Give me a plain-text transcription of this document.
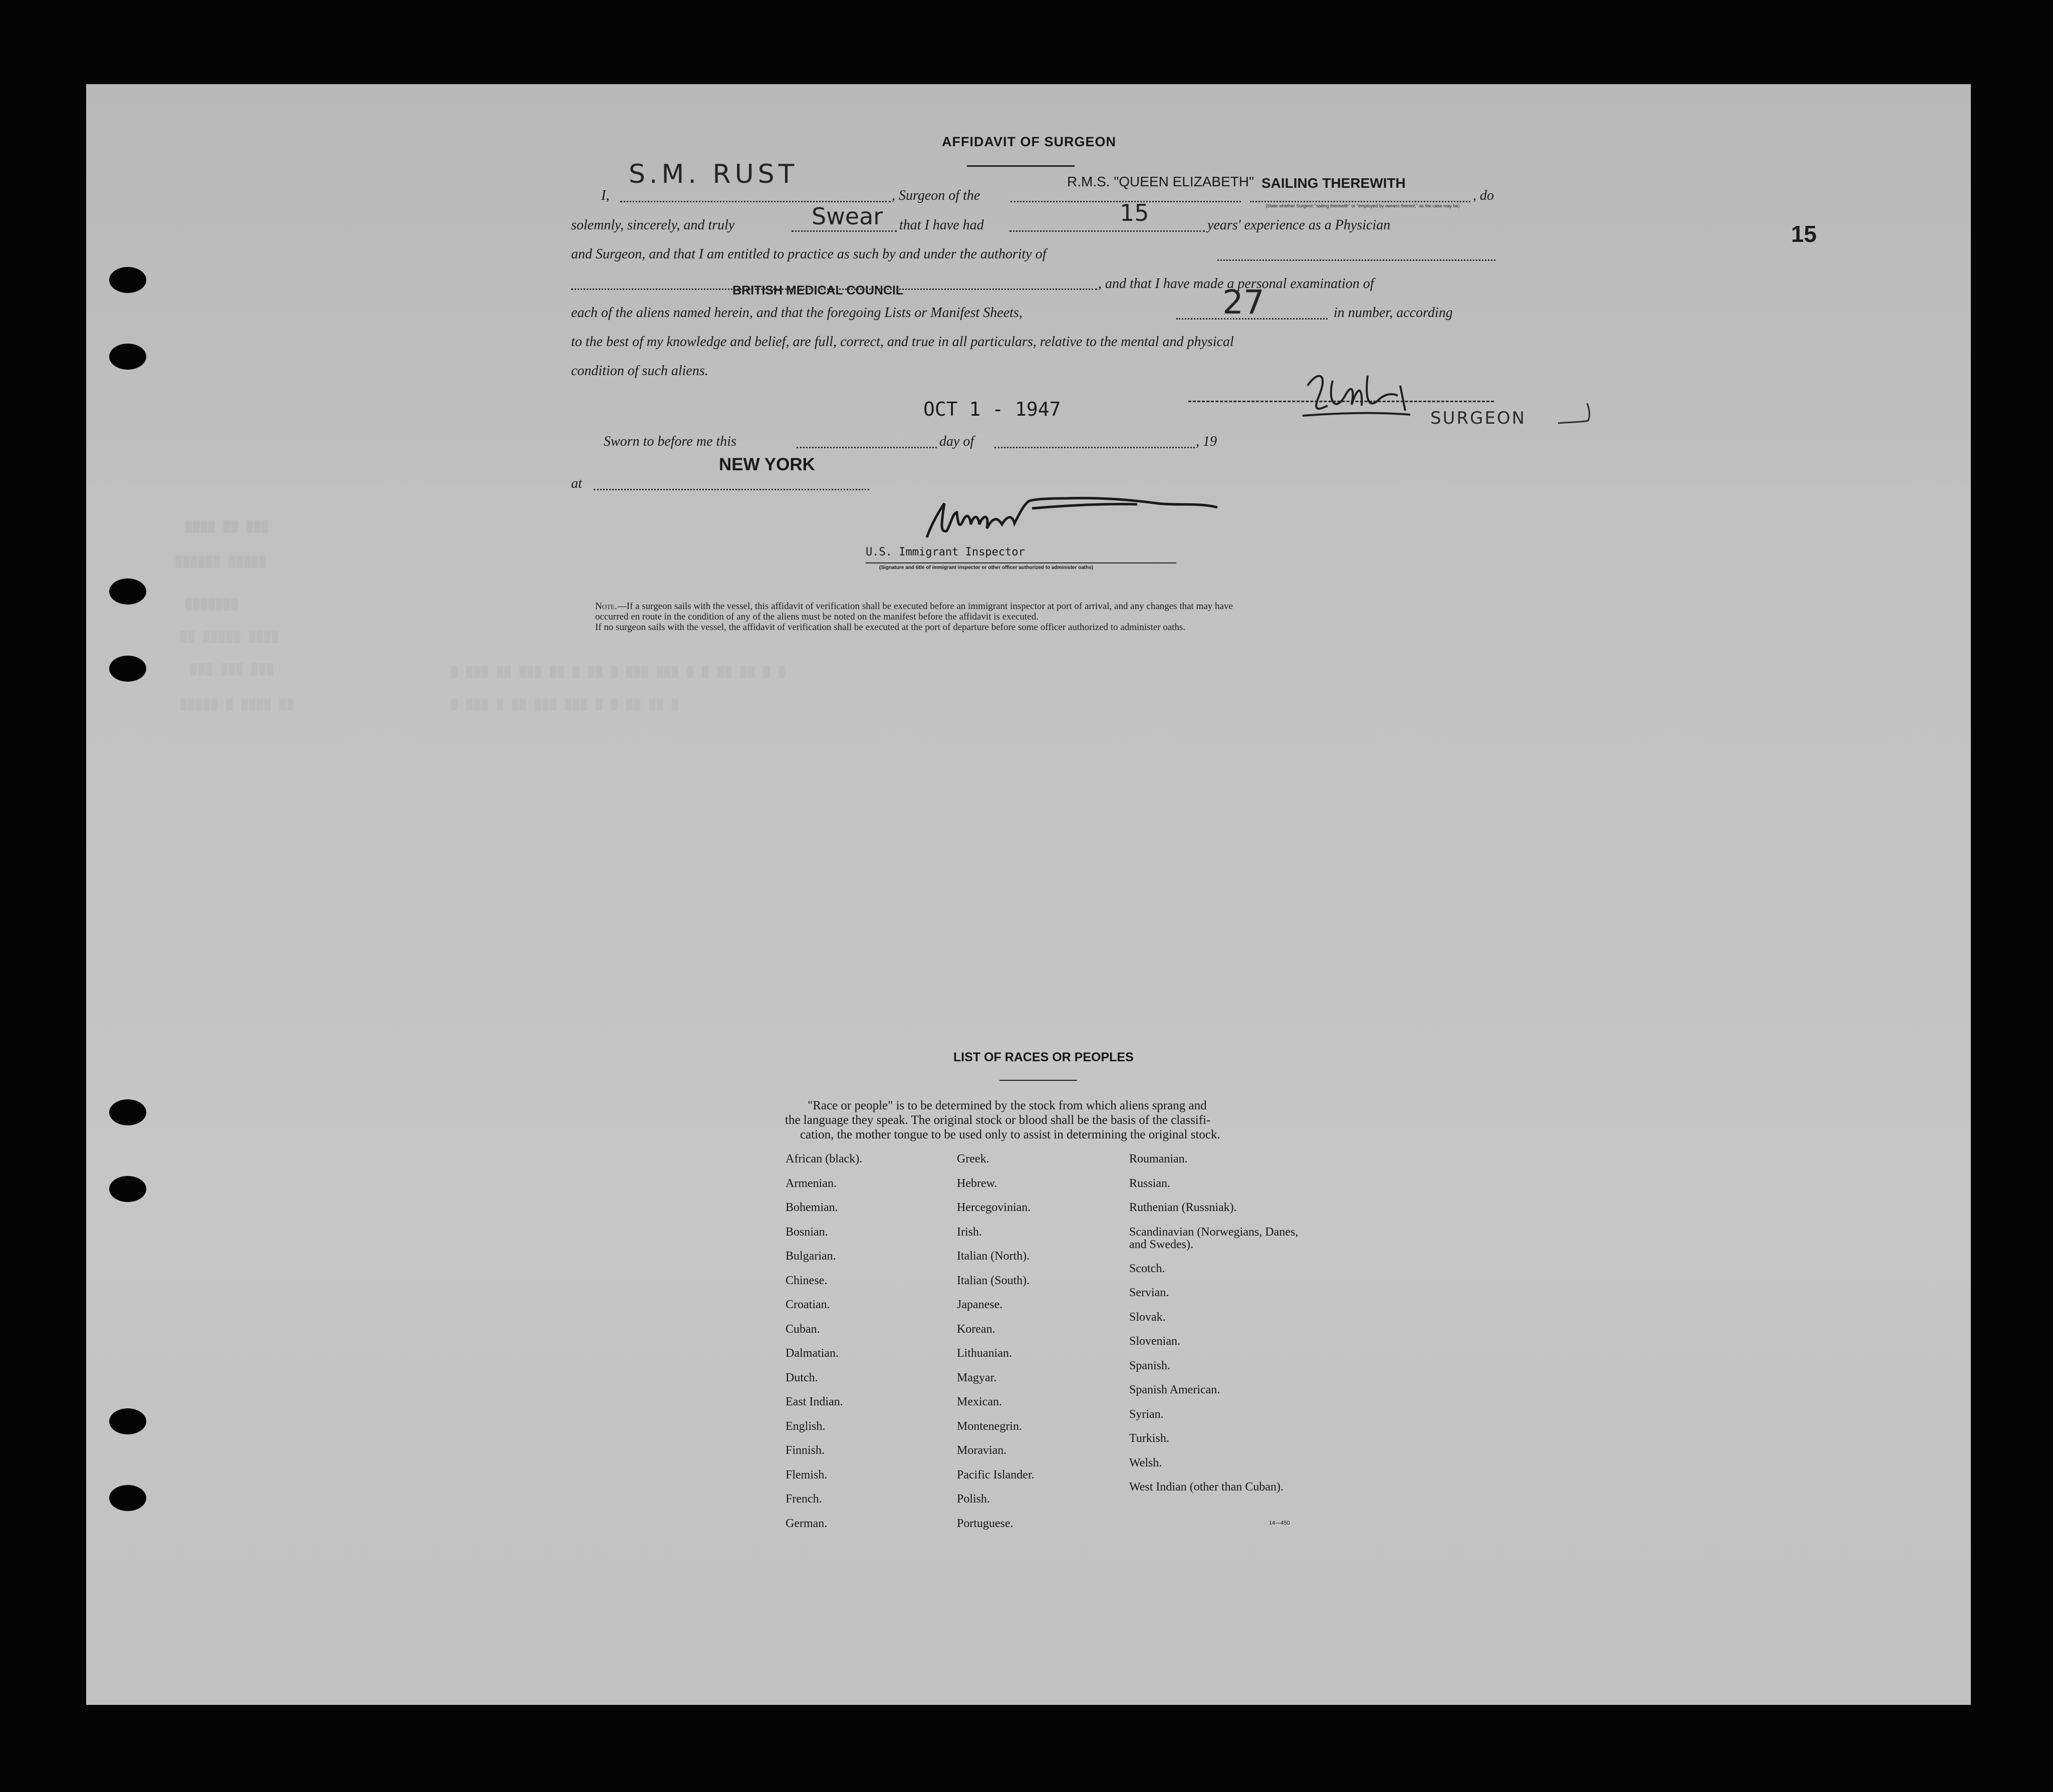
15
▒▒▒▒ ▒▒ ▒▒▒
▒▒▒▒▒▒ ▒▒▒▒▒
▒▒▒▒▒▒▒
▒▒ ▒▒▒▒▒ ▒▒▒▒
▒▒▒ ▒▒▒ ▒▒▒
▒▒▒▒▒ ▒ ▒▒▒▒ ▒▒
▒ ▒▒▒ ▒▒ ▒▒▒ ▒▒ ▒ ▒▒ ▒ ▒▒▒ ▒▒▒ ▒ ▒ ▒▒ ▒▒ ▒ ▒
▒ ▒▒▒ ▒ ▒▒ ▒▒▒ ▒▒▒ ▒ ▒ ▒▒ ▒▒ ▒
AFFIDAVIT OF SURGEON
I,
S.M. RUST
, Surgeon of the
R.M.S. "QUEEN ELIZABETH" SAILING THEREWITH
, do
(State whether Surgeon "sailing therewith" or "employed by owners thereof," as the case may be)
solemnly, sincerely, and truly	Swear that I have had	15	years' experience as a Physician
and Surgeon, and that I am entitled to practice as such by and under the authority of
BRITISH MEDICAL COUNCIL	, and that I have made a personal examination of
each of the aliens named herein, and that the foregoing Lists or Manifest Sheets,	27	in number, according
to the best of my knowledge and belief, are full, correct, and true in all particulars, relative to the mental and physical
condition of such aliens.
OCT 1 - 1947	SURGEON
Sworn to before me this	day of	, 19
NEW YORK
at
U.S. Immigrant Inspector
(Signature and title of immigrant inspector or other officer authorized to administer oaths)
Note.—If a surgeon sails with the vessel, this affidavit of verification shall be executed before an immigrant inspector at port of arrival, and any changes that may have
occurred en route in the condition of any of the aliens must be noted on the manifest before the affidavit is executed.
If no surgeon sails with the vessel, the affidavit of verification shall be executed at the port of departure before some officer authorized to administer oaths.
LIST OF RACES OR PEOPLES
"Race or people" is to be determined by the stock from which aliens sprang and
the language they speak. The original stock or blood shall be the basis of the classifi-
cation, the mother tongue to be used only to assist in determining the original stock.
African (black).
Armenian.
Bohemian.
Bosnian.
Bulgarian.
Chinese.
Croatian.
Cuban.
Dalmatian.
Dutch.
East Indian.
English.
Finnish.
Flemish.
French.
German.
Greek.
Hebrew.
Hercegovinian.
Irish.
Italian (North).
Italian (South).
Japanese.
Korean.
Lithuanian.
Magyar.
Mexican.
Montenegrin.
Moravian.
Pacific Islander.
Polish.
Portuguese.
Roumanian.
Russian.
Ruthenian (Russniak).
Scandinavian (Norwegians, Danes, and Swedes).
Scotch.
Servian.
Slovak.
Slovenian.
Spanish.
Spanish American.
Syrian.
Turkish.
Welsh.
West Indian (other than Cuban).
14—450
